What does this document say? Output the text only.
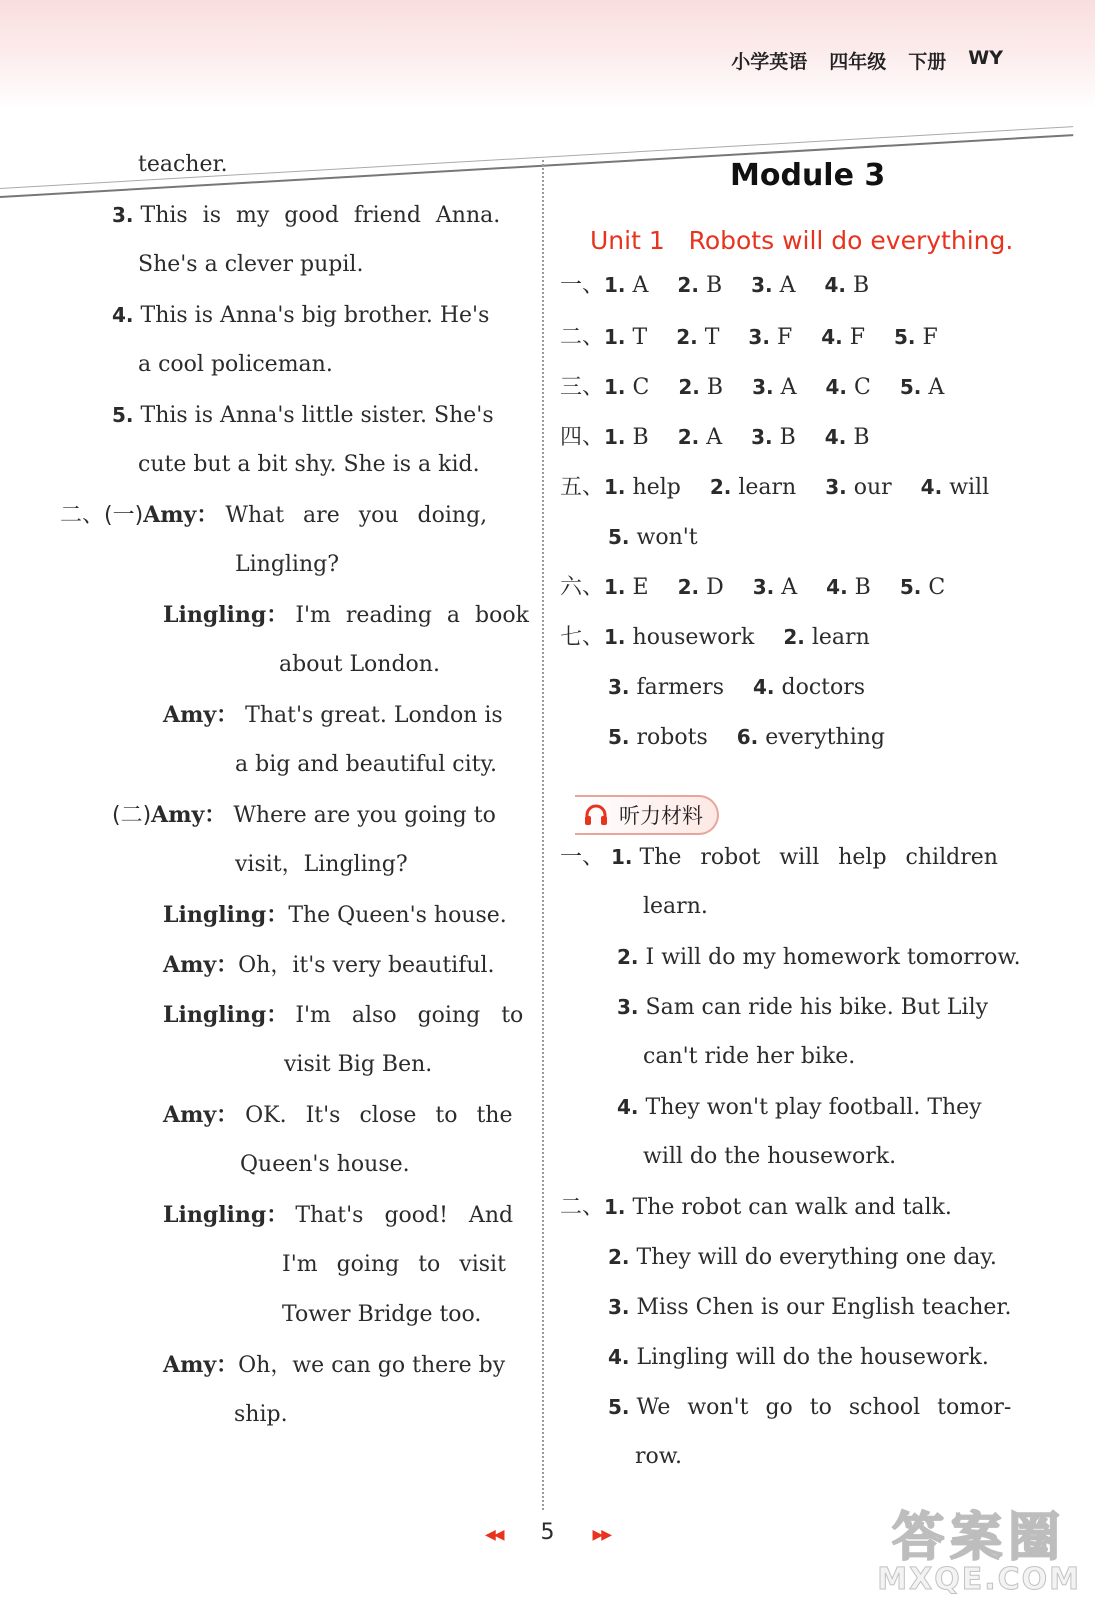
小学英语 四年级 下册 WY
teacher.
3. This is my good friend Anna.
She's a clever pupil.
4. This is Anna's big brother. He's
a cool policeman.
5. This is Anna's little sister. She's
cute but a bit shy. She is a kid.
二、(一)Amy： What are you doing,
Lingling?
Lingling： I'm reading a book
about London.
Amy： That's great. London is
a big and beautiful city.
(二)Amy： Where are you going to
visit，Lingling?
Lingling：The Queen's house.
Amy：Oh，it's very beautiful.
Lingling： I'm also going to
visit Big Ben.
Amy： OK. It's close to the
Queen's house.
Lingling： That's good! And
I'm going to visit
Tower Bridge too.
Amy：Oh，we can go there by
ship.
Module 3
Unit 1 Robots will do everything.
一、1. A 2. B 3. A 4. B
二、1. T 2. T 3. F 4. F 5. F
三、1. C 2. B 3. A 4. C 5. A
四、1. B 2. A 3. B 4. B
五、1. help 2. learn 3. our 4. will
5. won't
六、1. E 2. D 3. A 4. B 5. C
七、1. housework 2. learn
3. farmers 4. doctors
5. robots 6. everything
听力材料
一、 1. The robot will help children
learn.
2. I will do my homework tomorrow.
3. Sam can ride his bike. But Lily
can't ride her bike.
4. They won't play football. They
will do the housework.
二、1. The robot can walk and talk.
2. They will do everything one day.
3. Miss Chen is our English teacher.
4. Lingling will do the housework.
5. We won't go to school tomor-
row.
◀◀ 5	▶▶	答案圈
MXQE.COM
